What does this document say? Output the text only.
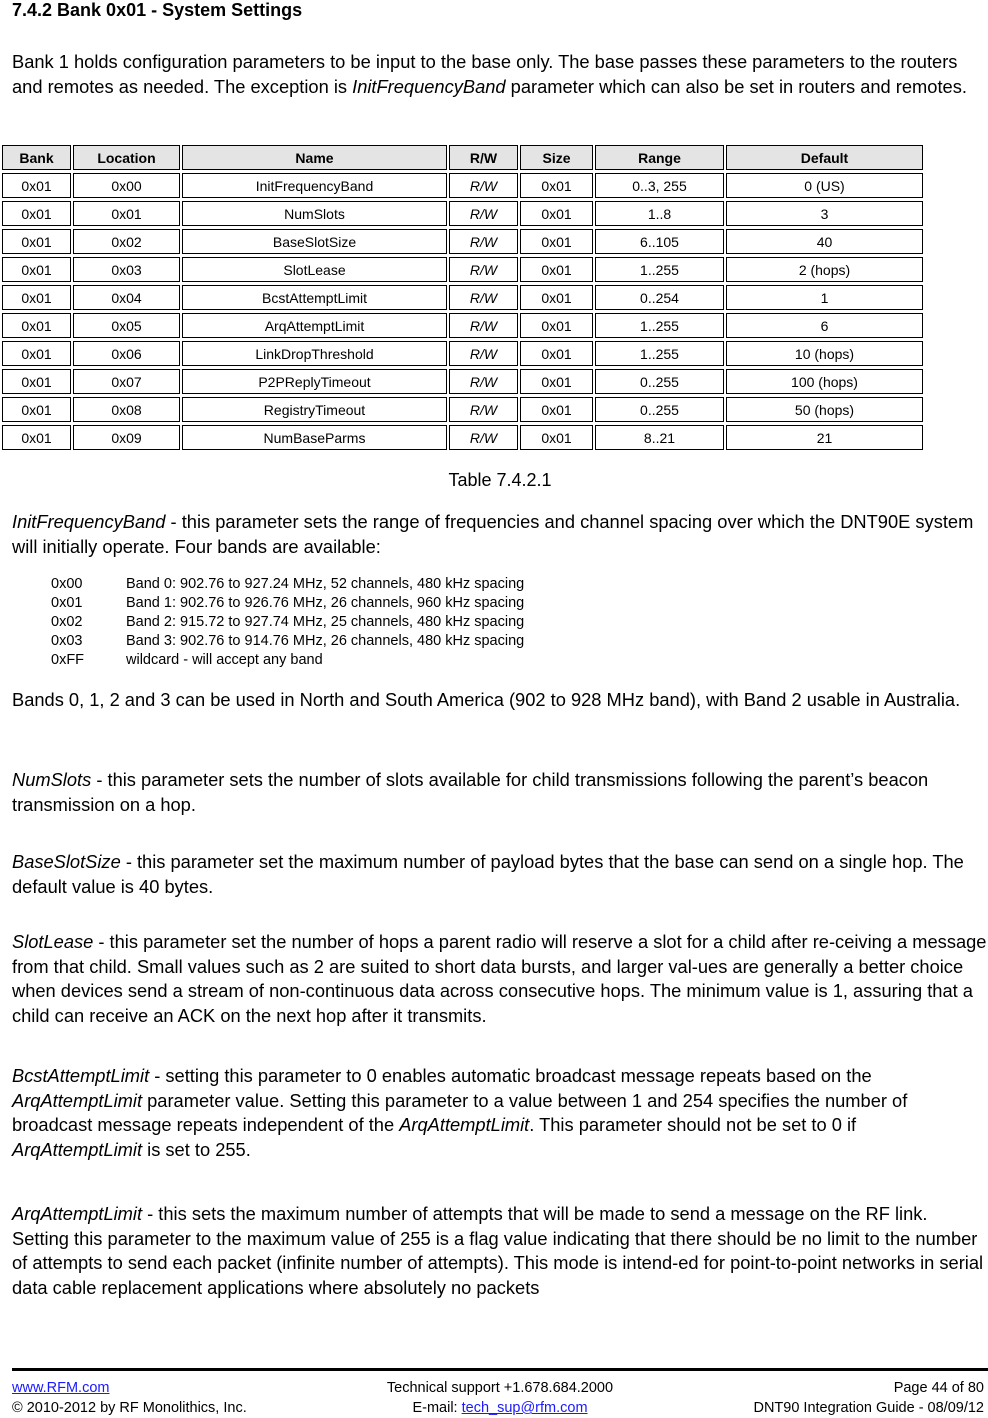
7.4.2 Bank 0x01 - System Settings

Bank 1 holds configuration parameters to be input to the base only. The base passes these parameters to the routers and remotes as needed. The exception is InitFrequencyBand parameter which can also be set in routers and remotes.

Bank	Location	Name	R/W	Size	Range	Default
0x01	0x00	InitFrequencyBand	R/W	0x01	0..3, 255	0 (US)
0x01	0x01	NumSlots	R/W	0x01	1..8	3
0x01	0x02	BaseSlotSize	R/W	0x01	6..105	40
0x01	0x03	SlotLease	R/W	0x01	1..255	2 (hops)
0x01	0x04	BcstAttemptLimit	R/W	0x01	0..254	1
0x01	0x05	ArqAttemptLimit	R/W	0x01	1..255	6
0x01	0x06	LinkDropThreshold	R/W	0x01	1..255	10 (hops)
0x01	0x07	P2PReplyTimeout	R/W	0x01	0..255	100 (hops)
0x01	0x08	RegistryTimeout	R/W	0x01	0..255	50 (hops)
0x01	0x09	NumBaseParms	R/W	0x01	8..21	21
Table 7.4.2.1

InitFrequencyBand - this parameter sets the range of frequencies and channel spacing over which the DNT90E system will initially operate. Four bands are available:

0x00	Band 0: 902.76 to 927.24 MHz, 52 channels, 480 kHz spacing
0x01	Band 1: 902.76 to 926.76 MHz, 26 channels, 960 kHz spacing
0x02	Band 2: 915.72 to 927.74 MHz, 25 channels, 480 kHz spacing
0x03	Band 3: 902.76 to 914.76 MHz, 26 channels, 480 kHz spacing
0xFF	wildcard - will accept any band

Bands 0, 1, 2 and 3 can be used in North and South America (902 to 928 MHz band), with Band 2 usable in Australia.

NumSlots - this parameter sets the number of slots available for child transmissions following the parent’s beacon transmission on a hop.

BaseSlotSize - this parameter set the maximum number of payload bytes that the base can send on a single hop. The default value is 40 bytes.

SlotLease - this parameter set the number of hops a parent radio will reserve a slot for a child after re-ceiving a message from that child. Small values such as 2 are suited to short data bursts, and larger val-ues are generally a better choice when devices send a stream of non-continuous data across consecutive hops. The minimum value is 1, assuring that a child can receive an ACK on the next hop after it transmits.

BcstAttemptLimit - setting this parameter to 0 enables automatic broadcast message repeats based on the ArqAttemptLimit parameter value. Setting this parameter to a value between 1 and 254 specifies the number of broadcast message repeats independent of the ArqAttemptLimit. This parameter should not be set to 0 if ArqAttemptLimit is set to 255.

ArqAttemptLimit - this sets the maximum number of attempts that will be made to send a message on the RF link. Setting this parameter to the maximum value of 255 is a flag value indicating that there should be no limit to the number of attempts to send each packet (infinite number of attempts). This mode is intend-ed for point-to-point networks in serial data cable replacement applications where absolutely no packets

www.RFM.com
© 2010-2012 by RF Monolithics, Inc.
Technical support +1.678.684.2000
E-mail: tech_sup@rfm.com
Page 44 of 80
DNT90 Integration Guide - 08/09/12
